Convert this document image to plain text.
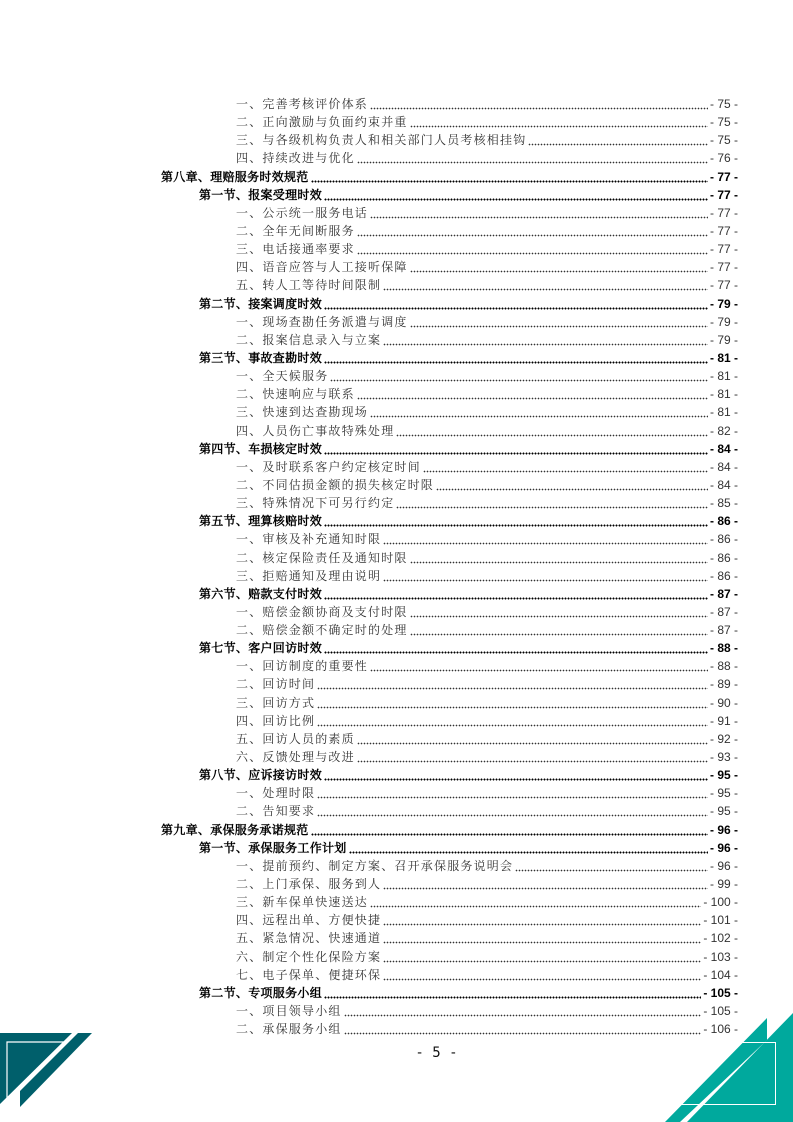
一、完善考核评价体系	- 75 -
二、正向激励与负面约束并重	- 75 -
三、与各级机构负责人和相关部门人员考核相挂钩	- 75 -
四、持续改进与优化	- 76 -
第八章、理赔服务时效规范	- 77 -
第一节、报案受理时效	- 77 -
一、公示统一服务电话	- 77 -
二、全年无间断服务	- 77 -
三、电话接通率要求	- 77 -
四、语音应答与人工接听保障	- 77 -
五、转人工等待时间限制	- 77 -
第二节、接案调度时效	- 79 -
一、现场查勘任务派遣与调度	- 79 -
二、报案信息录入与立案	- 79 -
第三节、事故查勘时效	- 81 -
一、全天候服务	- 81 -
二、快速响应与联系	- 81 -
三、快速到达查勘现场	- 81 -
四、人员伤亡事故特殊处理	- 82 -
第四节、车损核定时效	- 84 -
一、及时联系客户约定核定时间	- 84 -
二、不同估损金额的损失核定时限	- 84 -
三、特殊情况下可另行约定	- 85 -
第五节、理算核赔时效	- 86 -
一、审核及补充通知时限	- 86 -
二、核定保险责任及通知时限	- 86 -
三、拒赔通知及理由说明	- 86 -
第六节、赔款支付时效	- 87 -
一、赔偿金额协商及支付时限	- 87 -
二、赔偿金额不确定时的处理	- 87 -
第七节、客户回访时效	- 88 -
一、回访制度的重要性	- 88 -
二、回访时间	- 89 -
三、回访方式	- 90 -
四、回访比例	- 91 -
五、回访人员的素质	- 92 -
六、反馈处理与改进	- 93 -
第八节、应诉接访时效	- 95 -
一、处理时限	- 95 -
二、告知要求	- 95 -
第九章、承保服务承诺规范	- 96 -
第一节、承保服务工作计划	- 96 -
一、提前预约、制定方案、召开承保服务说明会	- 96 -
二、上门承保、服务到人	- 99 -
三、新车保单快速送达	- 100 -
四、远程出单、方便快捷	- 101 -
五、紧急情况、快速通道	- 102 -
六、制定个性化保险方案	- 103 -
七、电子保单、便捷环保	- 104 -
第二节、专项服务小组	- 105 -
一、项目领导小组	- 105 -
二、承保服务小组	- 106 -
- 5 -
